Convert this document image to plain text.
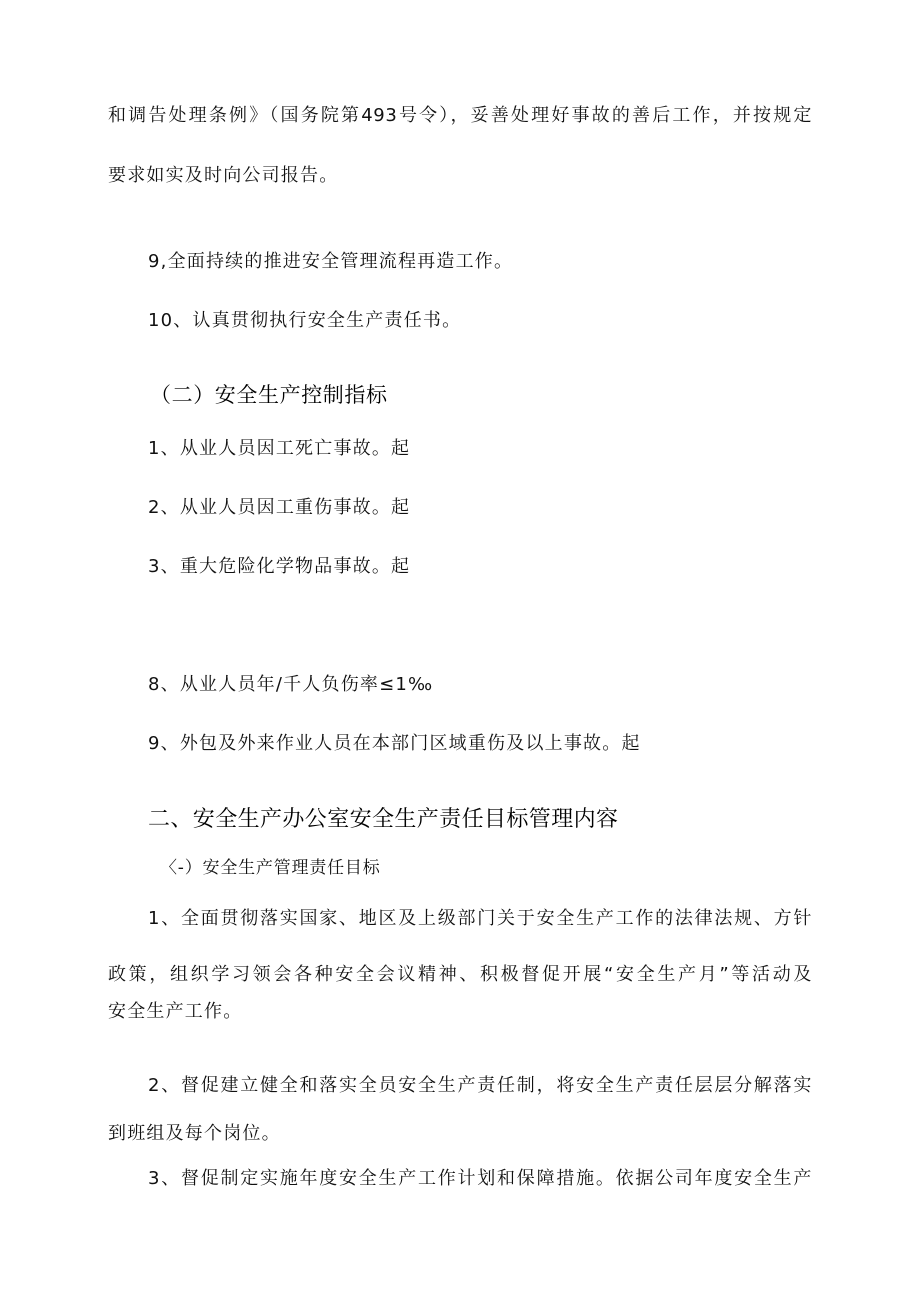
和调告处理条例》（国务院第493号令），妥善处理好事故的善后工作，并按规定

要求如实及时向公司报告。

9,全面持续的推进安全管理流程再造工作。

10、认真贯彻执行安全生产责任书。

（二）安全生产控制指标

1、从业人员因工死亡事故。起

2、从业人员因工重伤事故。起

3、重大危险化学物品事故。起

8、从业人员年/千人负伤率≤1‰

9、外包及外来作业人员在本部门区域重伤及以上事故。起

二、安全生产办公室安全生产责任目标管理内容

〈-）安全生产管理责任目标

1、全面贯彻落实国家、地区及上级部门关于安全生产工作的法律法规、方针

政策，组织学习领会各种安全会议精神、积极督促开展“安全生产月”等活动及

安全生产工作。

2、督促建立健全和落实全员安全生产责任制，将安全生产责任层层分解落实

到班组及每个岗位。

3、督促制定实施年度安全生产工作计划和保障措施。依据公司年度安全生产
